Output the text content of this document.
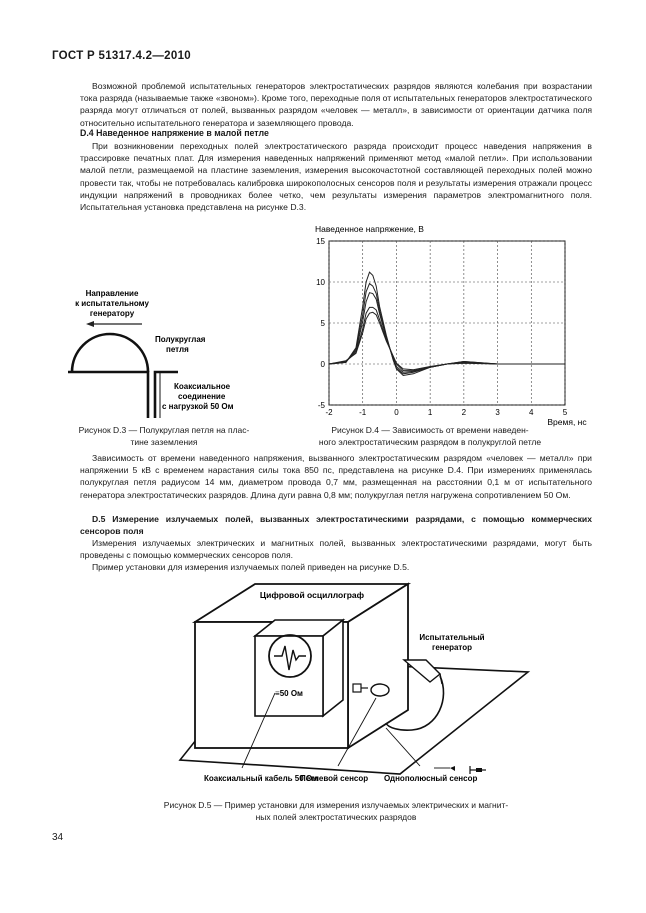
ГОСТ Р 51317.4.2—2010
Возможной проблемой испытательных генераторов электростатических разрядов являются колебания при возрастании тока разряда (называемые также «звоном»). Кроме того, переходные поля от испытательных генераторов электростатического разряда могут отличаться от полей, вызванных разрядом «человек — металл», в зависимости от ориентации датчика поля относительно испытательного генератора и заземляющего провода.
D.4 Наведенное напряжение в малой петле
При возникновении переходных полей электростатического разряда происходит процесс наведения напряжения в трассировке печатных плат. Для измерения наведенных напряжений применяют метод «малой петли». При использовании малой петли, размещаемой на пластине заземления, измерения высокочастотной составляющей переходных полей можно провести так, чтобы не потребовалась калибровка широкополосных сенсоров поля и результаты измерения отражали процесс индукции напряжений в проводниках более четко, чем результаты измерения параметров электромагнитного поля. Испытательная установка представлена на рисунке D.3.
Направление
к испытательному
генератору
Полукруглая
петля
Коаксиальное
соединение
с нагрузкой 50 Ом
Рисунок D.3 — Полукруглая петля на плас-
тине заземления
Наведенное напряжение, В
Время, нс
-2	-1	0	1	2	3	4	5
15
10
5
0
-5
Рисунок D.4 — Зависимость от времени наведен-
ного электростатическим разрядом в полукруглой петле
Зависимость от времени наведенного напряжения, вызванного электростатическим разрядом «человек — металл» при напряжении 5 кВ с временем нарастания силы тока 850 пс, представлена на рисунке D.4. При измерениях применялась полукруглая петля радиусом 14 мм, диаметром провода 0,7 мм, размещенная на расстоянии 0,1 м от испытательного генератора электростатических разрядов. Длина дуги равна 0,8 мм; полукруглая петля нагружена сопротивлением 50 Ом.
D.5 Измерение излучаемых полей, вызванных электростатическими разрядами, с помощью коммерческих сенсоров поля
Измерения излучаемых электрических и магнитных полей, вызванных электростатическими разрядами, могут быть проведены с помощью коммерческих сенсоров поля.
Пример установки для измерения излучаемых полей приведен на рисунке D.5.
Цифровой осциллограф
≡50 Ом
Испытательный
генератор
Коаксиальный кабель 50 Ом
Петлевой сенсор Однополюсный сенсор
Рисунок D.5 — Пример установки для измерения излучаемых электрических и магнит-
ных полей электростатических разрядов
34
